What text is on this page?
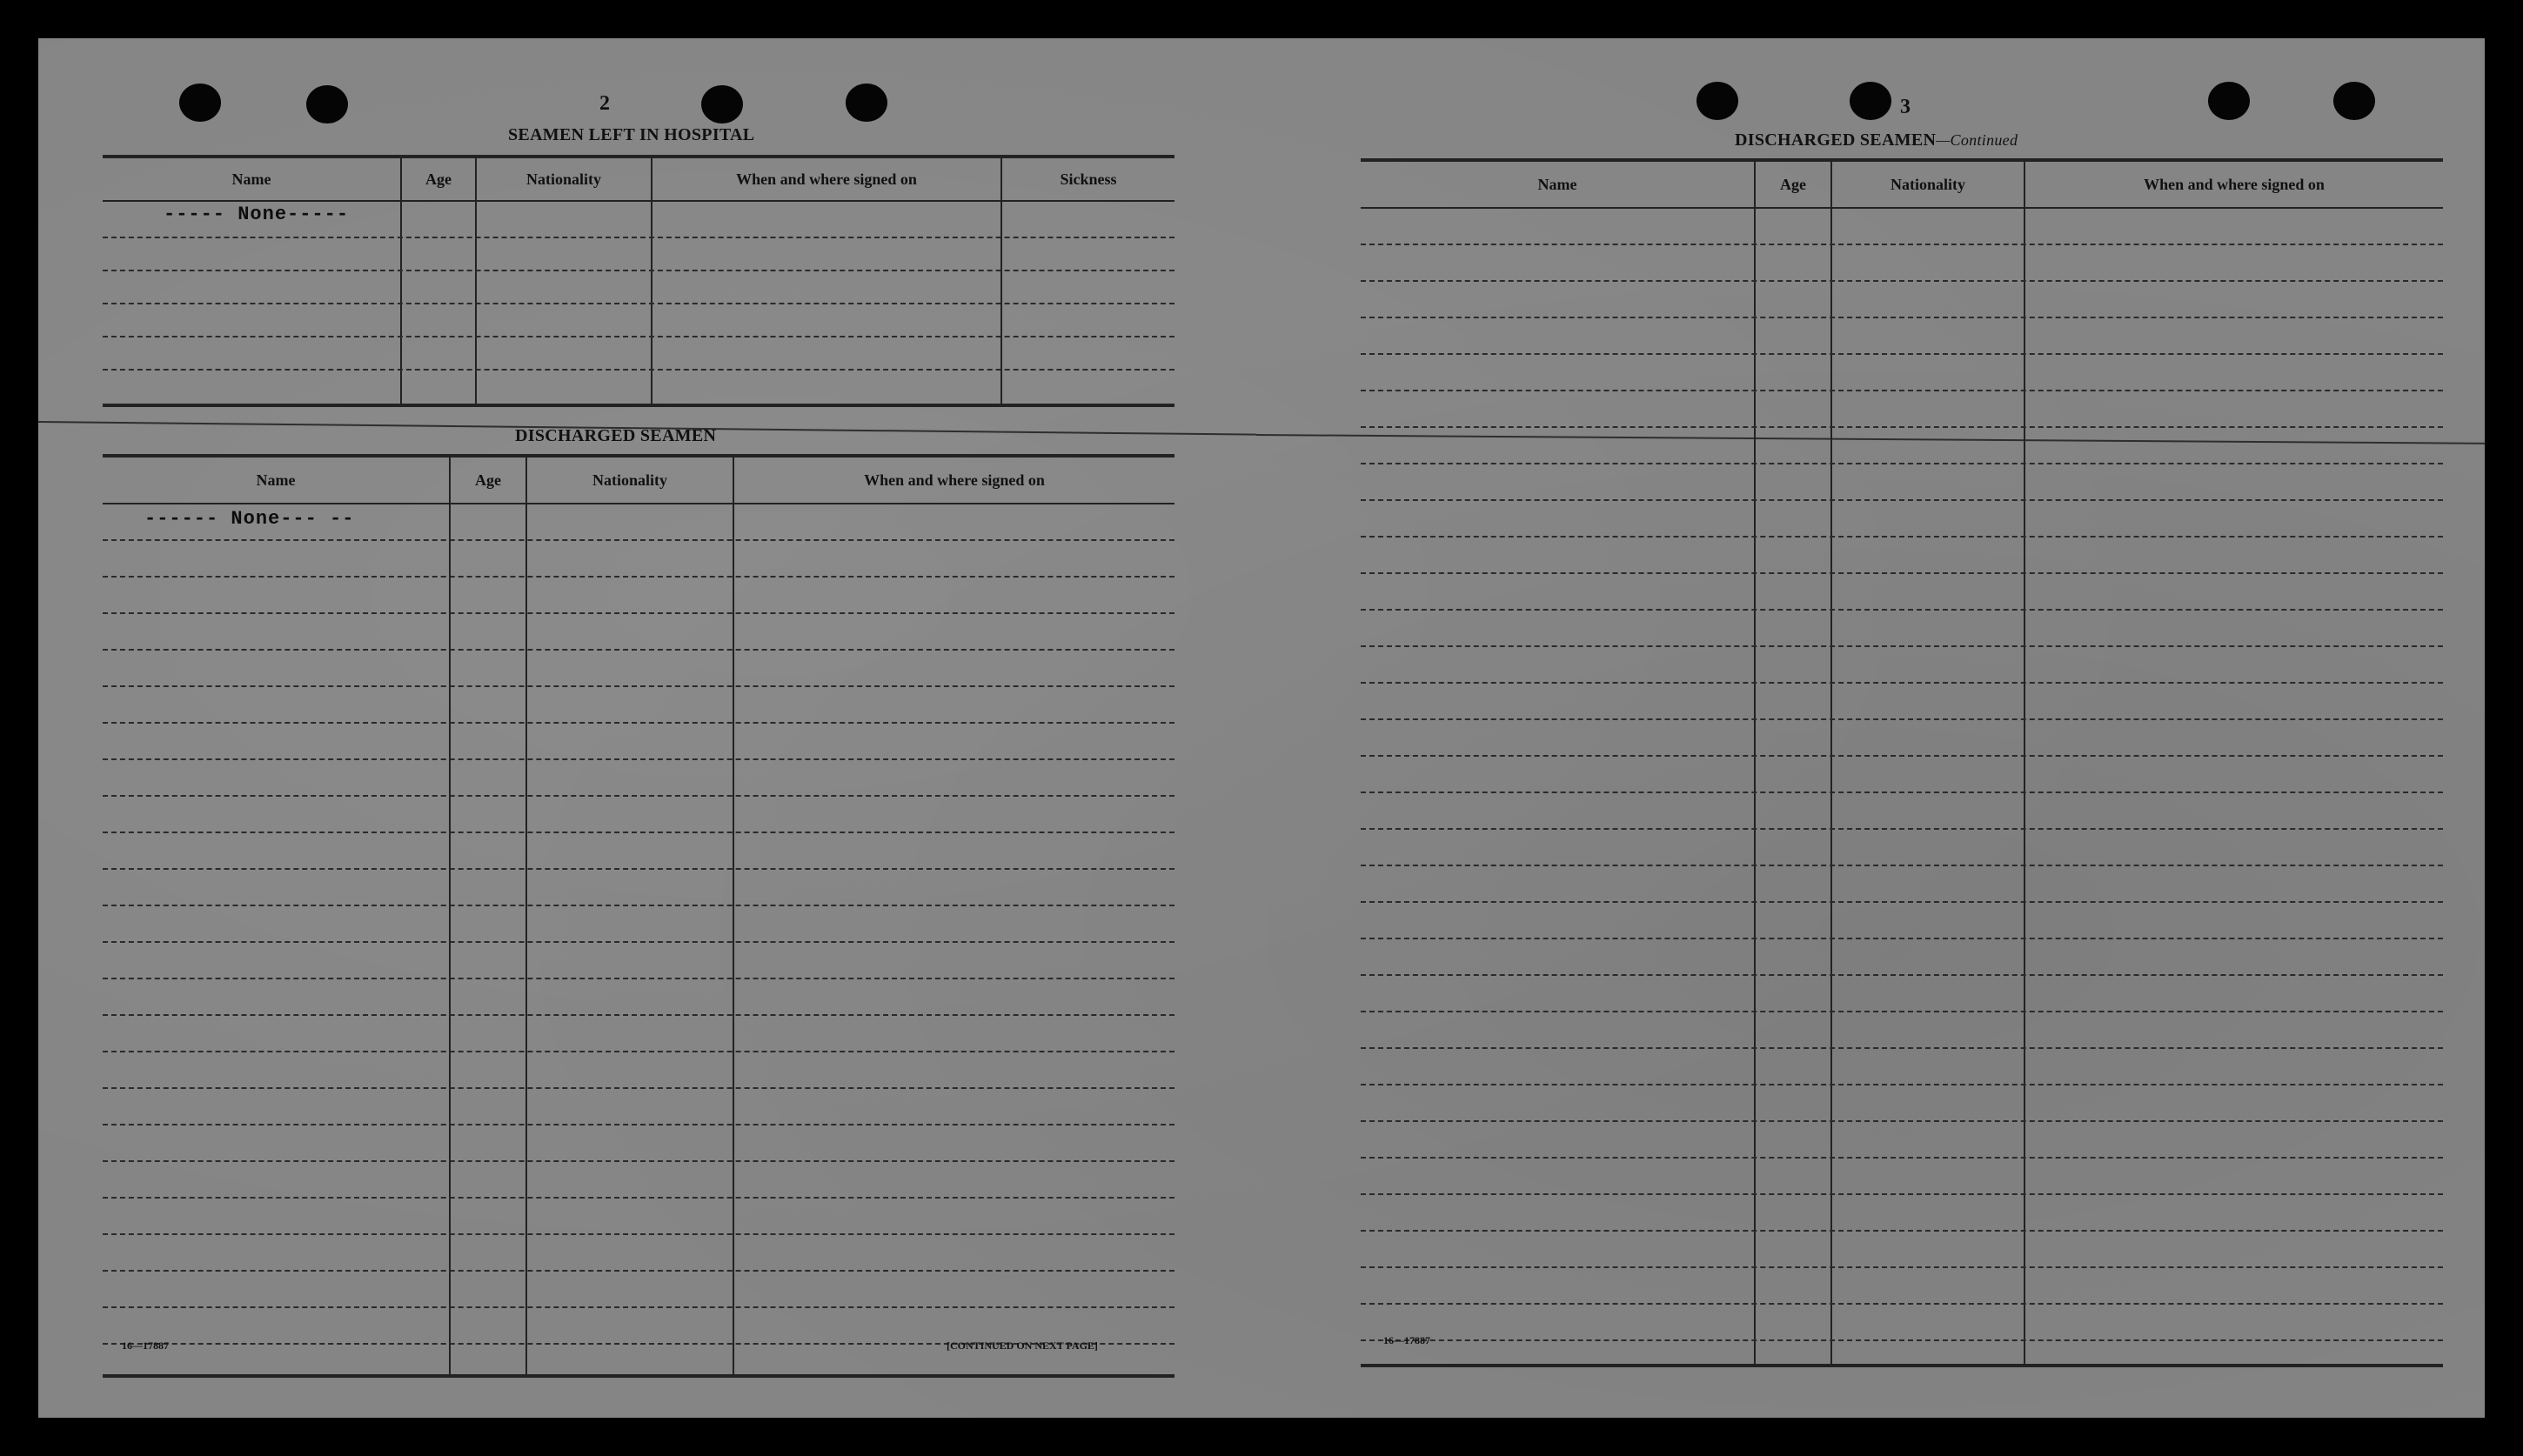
2	3
SEAMEN LEFT IN HOSPITAL
Name	Age	Nationality	When and where signed on	Sickness
----- None-----
DISCHARGED SEAMEN
Name	Age	Nationality	When and where signed on
------ None--- --
16—17887	[CONTINUED ON NEXT PAGE]
DISCHARGED SEAMEN—Continued
Name	Age	Nationality	When and where signed on
16—17887
